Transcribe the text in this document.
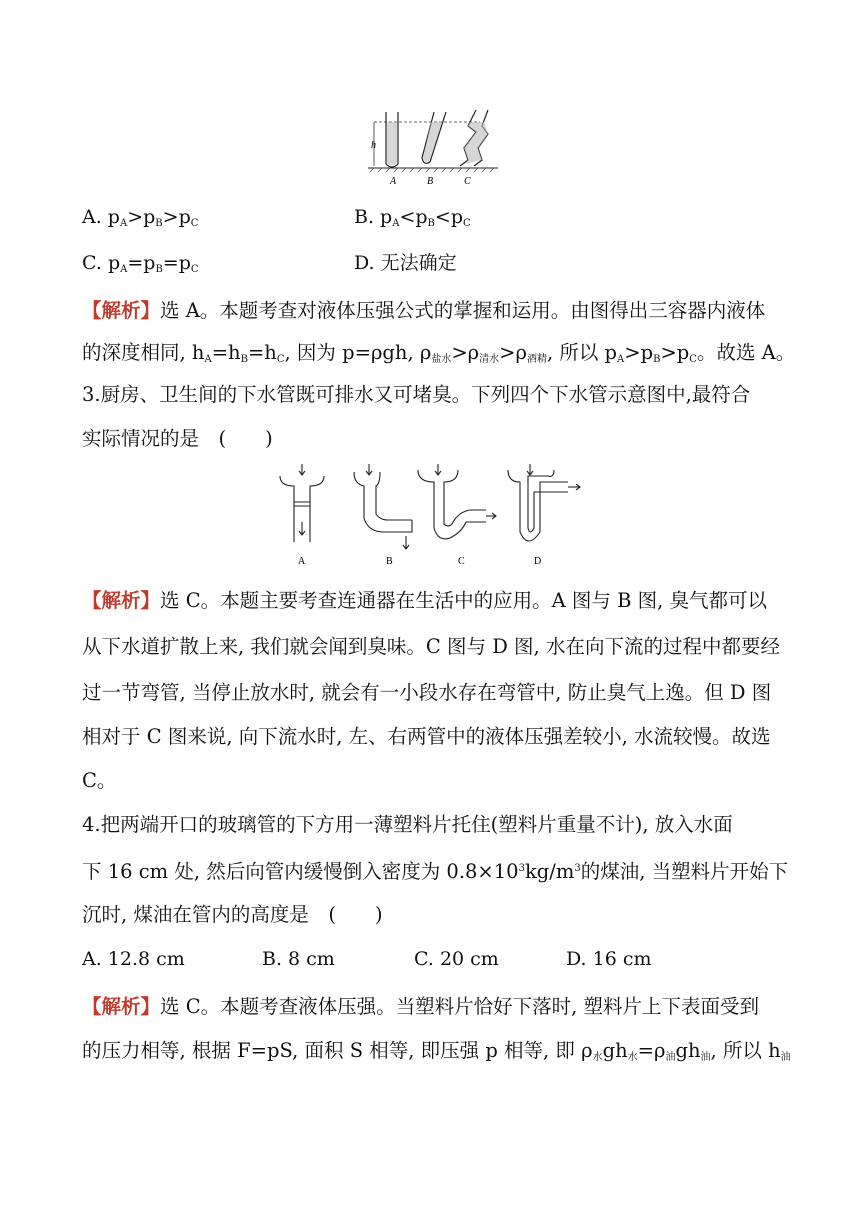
h
A	B	C
A. $p_A>p_B>p_C$	B. $p_A<p_B<p_C$
C. $p_A=p_B=p_C$	D. 无法确定
【解析】选 A。本题考查对液体压强公式的掌握和运用。由图得出三容器内液体
的深度相同, $h_A=h_B=h_C$, 因为 p=ρgh, $\rho_{盐水}>\rho_{清水}>\rho_{酒精}$, 所以 $p_A>p_B>p_C$。故选 A。
3.厨房、卫生间的下水管既可排水又可堵臭。下列四个下水管示意图中,最符合
实际情况的是　(　　)
A	B	C	D
【解析】选 C。本题主要考查连通器在生活中的应用。A 图与 B 图, 臭气都可以
从下水道扩散上来, 我们就会闻到臭味。C 图与 D 图, 水在向下流的过程中都要经
过一节弯管, 当停止放水时, 就会有一小段水存在弯管中, 防止臭气上逸。但 D 图
相对于 C 图来说, 向下流水时, 左、右两管中的液体压强差较小, 水流较慢。故选
C。
4.把两端开口的玻璃管的下方用一薄塑料片托住(塑料片重量不计), 放入水面
下 16 cm 处, 然后向管内缓慢倒入密度为 $0.8\times 10^3kg/m^3$的煤油, 当塑料片开始下
沉时, 煤油在管内的高度是　(　　)
A. 12.8 cm	B. 8 cm	C. 20 cm	D. 16 cm
【解析】选 C。本题考查液体压强。当塑料片恰好下落时, 塑料片上下表面受到
的压力相等, 根据 F=pS, 面积 S 相等, 即压强 p 相等, 即 $\rho_水gh_水=\rho_油gh_油$, 所以 $h_油$
